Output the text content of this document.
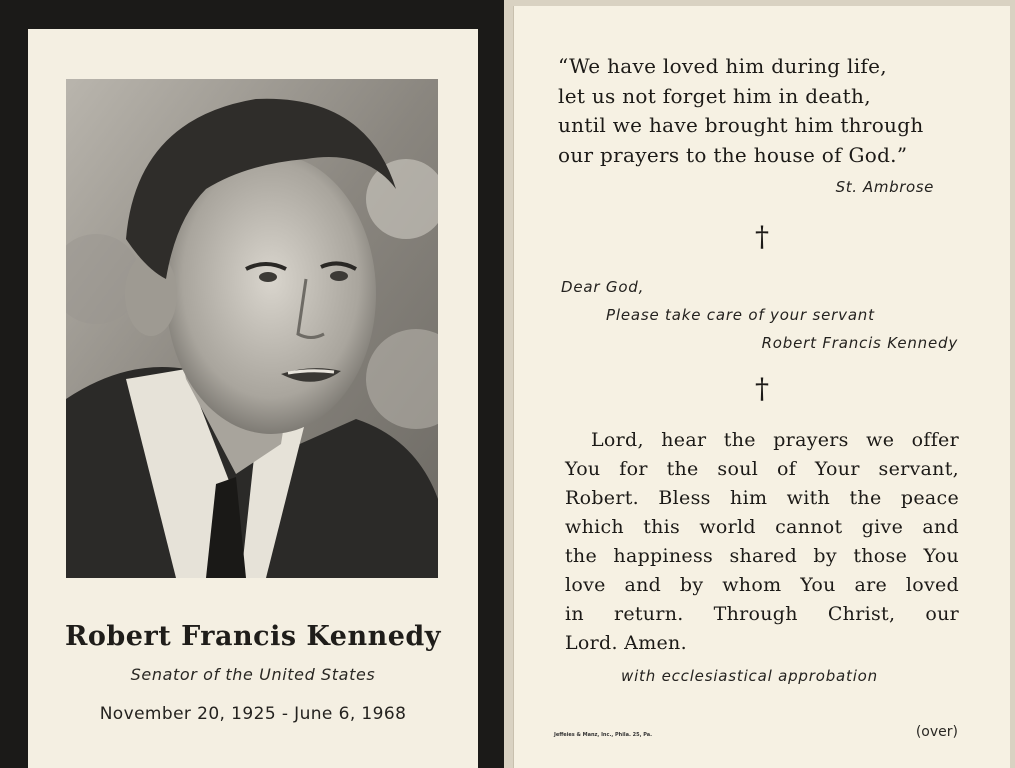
Robert Francis Kennedy
Senator of the United States
November 20, 1925 - June 6, 1968
“We have loved him during life,
let us not forget him in death,
until we have brought him through
our prayers to the house of God.”
St. Ambrose
†
Dear God,
Please take care of your servant
Robert Francis Kennedy
†
Lord, hear the prayers we offer
You for the soul of Your servant,
Robert. Bless him with the peace
which this world cannot give and
the happiness shared by those You
love and by whom You are loved
in return. Through Christ, our
Lord. Amen.
with ecclesiastical approbation
Jeffeies & Manz, Inc., Phila. 25, Pa.	(over)
